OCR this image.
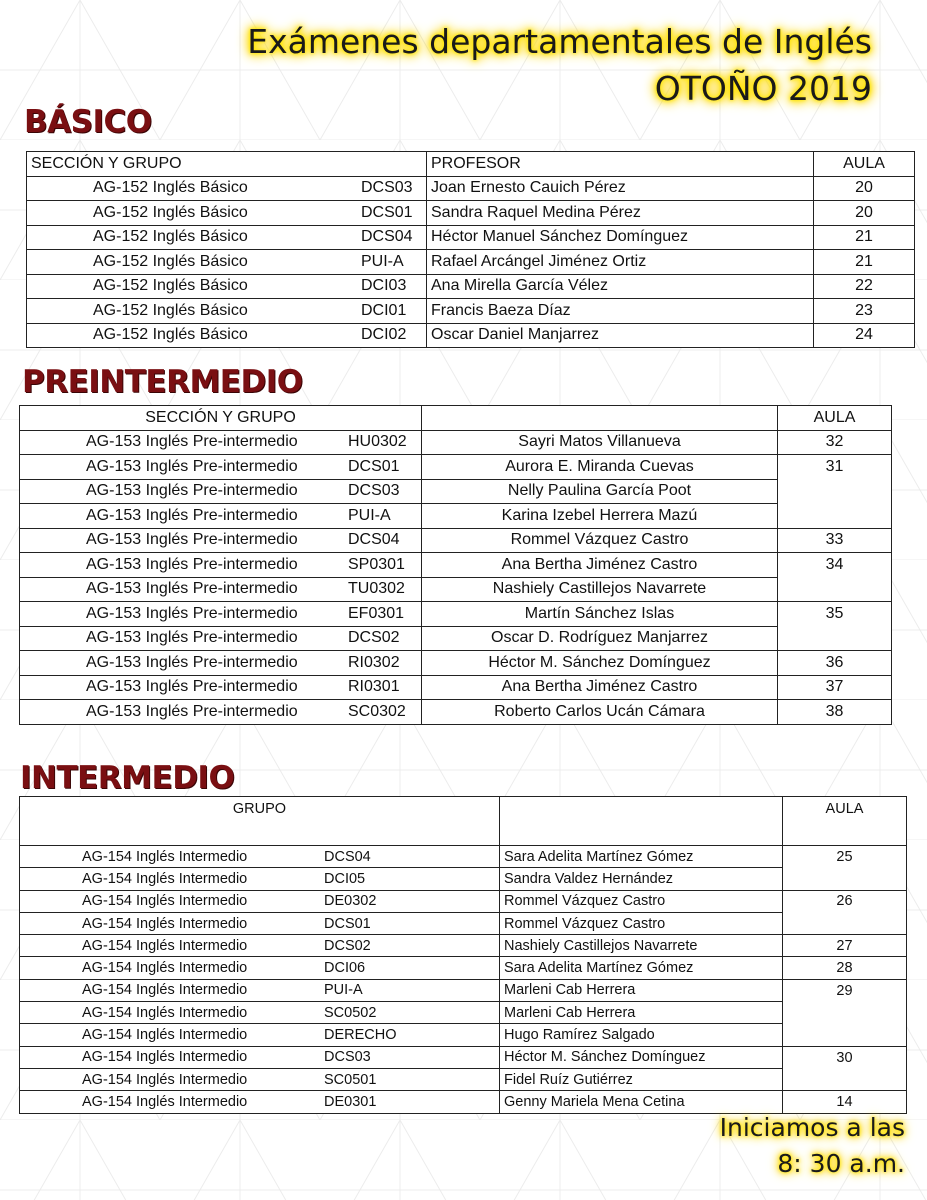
Exámenes departamentales de Inglés
OTOÑO 2019
BÁSICO
SECCIÓN Y GRUPO	PROFESOR	AULA

AG-152 Inglés Básico DCS03	Joan Ernesto Cauich Pérez	20

AG-152 Inglés Básico DCS01	Sandra Raquel Medina Pérez	20

AG-152 Inglés Básico DCS04	Héctor Manuel Sánchez Domínguez	21

AG-152 Inglés Básico PUI-A	Rafael Arcángel Jiménez Ortiz	21

AG-152 Inglés Básico DCI03	Ana Mirella García Vélez	22

AG-152 Inglés Básico DCI01	Francis Baeza Díaz	23

AG-152 Inglés Básico DCI02	Oscar Daniel Manjarrez	24
PREINTERMEDIO
SECCIÓN Y GRUPO		AULA

AG-153 Inglés Pre-intermedio HU0302	Sayri Matos Villanueva	32

AG-153 Inglés Pre-intermedio DCS01	Aurora E. Miranda Cuevas	31

AG-153 Inglés Pre-intermedio DCS03	Nelly Paulina García Poot	

AG-153 Inglés Pre-intermedio PUI-A	Karina Izebel Herrera Mazú	

AG-153 Inglés Pre-intermedio DCS04	Rommel Vázquez Castro	33

AG-153 Inglés Pre-intermedio SP0301	Ana Bertha Jiménez Castro	34

AG-153 Inglés Pre-intermedio TU0302	Nashiely Castillejos Navarrete	

AG-153 Inglés Pre-intermedio EF0301	Martín Sánchez Islas	35

AG-153 Inglés Pre-intermedio DCS02	Oscar D. Rodríguez Manjarrez	

AG-153 Inglés Pre-intermedio RI0302	Héctor M. Sánchez Domínguez	36

AG-153 Inglés Pre-intermedio RI0301	Ana Bertha Jiménez Castro	37

AG-153 Inglés Pre-intermedio SC0302	Roberto Carlos Ucán Cámara	38
INTERMEDIO
GRUPO		AULA

AG-154 Inglés Intermedio DCS04	Sara Adelita Martínez Gómez	25

AG-154 Inglés Intermedio DCI05	Sandra Valdez Hernández	

AG-154 Inglés Intermedio DE0302	Rommel Vázquez Castro	26

AG-154 Inglés Intermedio DCS01	Rommel Vázquez Castro	

AG-154 Inglés Intermedio DCS02	Nashiely Castillejos Navarrete	27

AG-154 Inglés Intermedio DCI06	Sara Adelita Martínez Gómez	28

AG-154 Inglés Intermedio PUI-A	Marleni Cab Herrera	29

AG-154 Inglés Intermedio SC0502	Marleni Cab Herrera	

AG-154 Inglés Intermedio DERECHO	Hugo Ramírez Salgado	

AG-154 Inglés Intermedio DCS03	Héctor M. Sánchez Domínguez	30

AG-154 Inglés Intermedio SC0501	Fidel Ruíz Gutiérrez	

AG-154 Inglés Intermedio DE0301	Genny Mariela Mena Cetina	14
Iniciamos a las
8: 30 a.m.
